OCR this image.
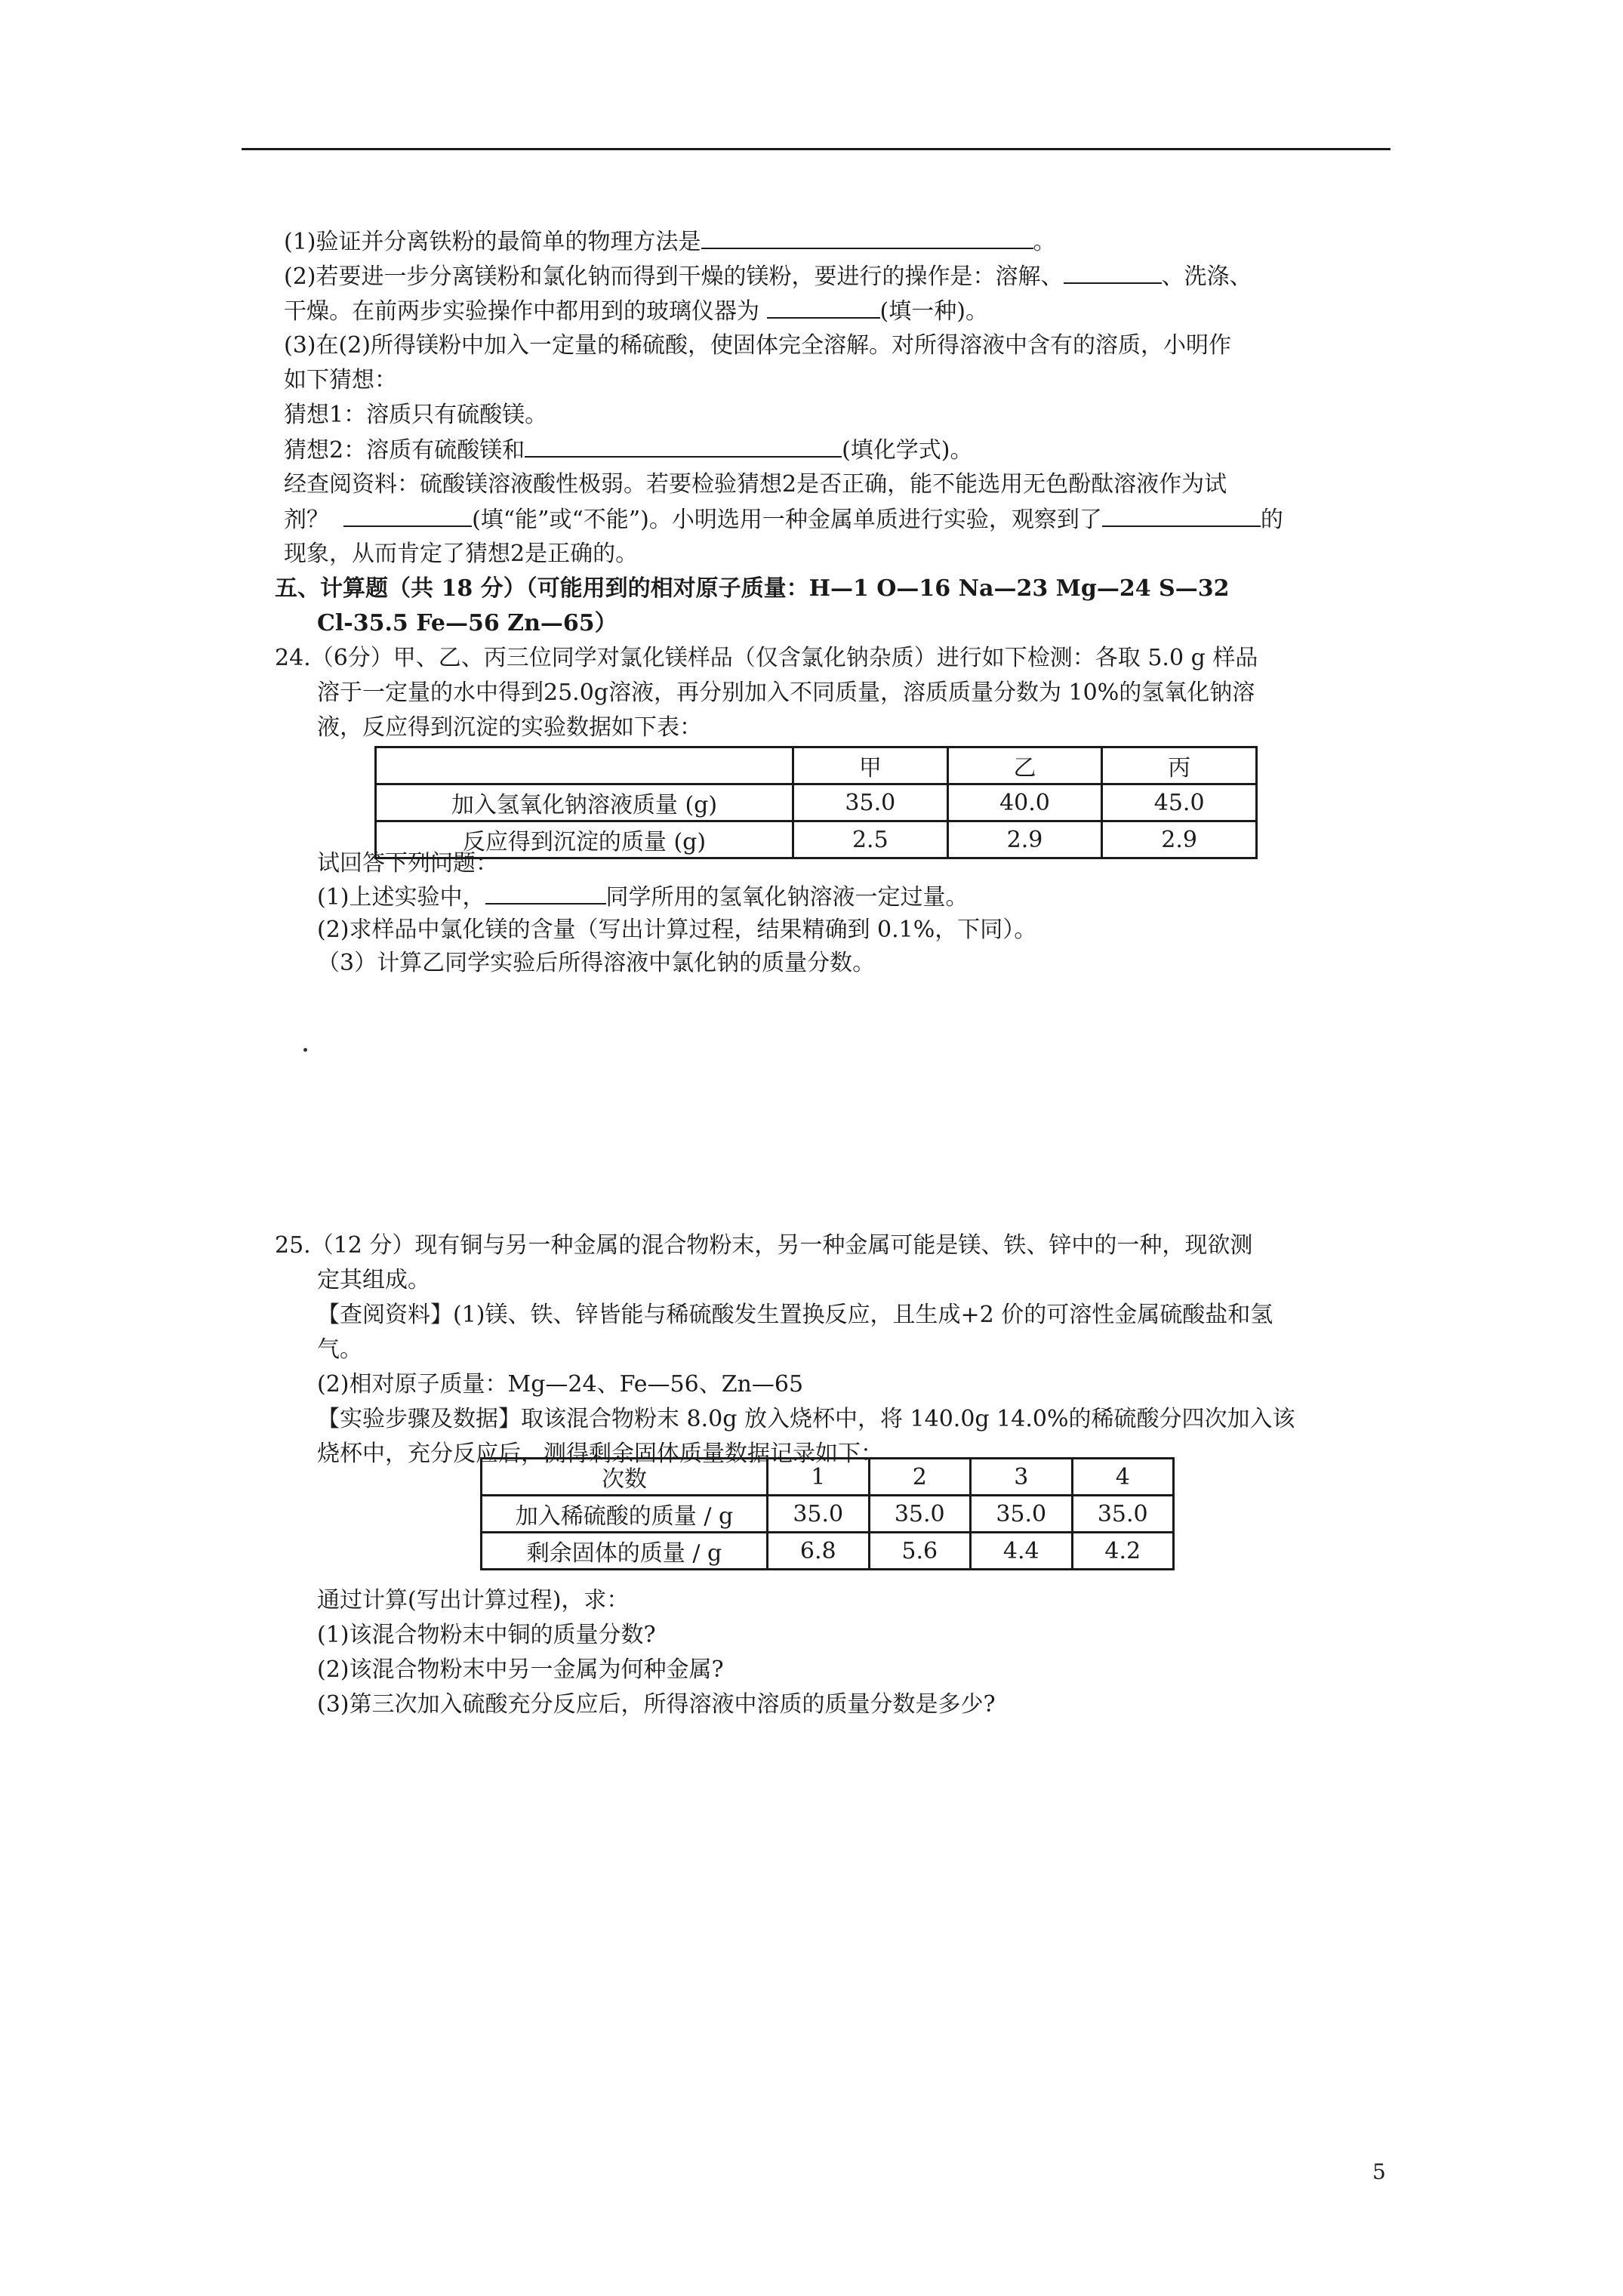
(1)验证并分离铁粉的最简单的物理方法是	。
(2)若要进一步分离镁粉和氯化钠而得到干燥的镁粉，要进行的操作是：溶解、	、洗涤、
干燥。在前两步实验操作中都用到的玻璃仪器为	(填一种)。
(3)在(2)所得镁粉中加入一定量的稀硫酸，使固体完全溶解。对所得溶液中含有的溶质，小明作
如下猜想：
猜想1：溶质只有硫酸镁。
猜想2：溶质有硫酸镁和	(填化学式)。
经查阅资料：硫酸镁溶液酸性极弱。若要检验猜想2是否正确，能不能选用无色酚酞溶液作为试
剂？	(填“能”或“不能”)。小明选用一种金属单质进行实验，观察到了	的
现象，从而肯定了猜想2是正确的。
五、计算题（共 18 分）（可能用到的相对原子质量：H—1 O—16 Na—23 Mg—24 S—32
Cl-35.5 Fe—56 Zn—65）
24.（6分）甲、乙、丙三位同学对氯化镁样品（仅含氯化钠杂质）进行如下检测：各取 5.0 g 样品
溶于一定量的水中得到25.0g溶液，再分别加入不同质量，溶质质量分数为 10%的氢氧化钠溶
液，反应得到沉淀的实验数据如下表：
	甲	乙	丙
加入氢氧化钠溶液质量 (g)	35.0	40.0	45.0
反应得到沉淀的质量 (g)	2.5	2.9	2.9
试回答下列问题：
(1)上述实验中，	同学所用的氢氧化钠溶液一定过量。
(2)求样品中氯化镁的含量（写出计算过程，结果精确到 0.1%，下同）。
（3）计算乙同学实验后所得溶液中氯化钠的质量分数。
25.（12 分）现有铜与另一种金属的混合物粉末，另一种金属可能是镁、铁、锌中的一种，现欲测
定其组成。
【查阅资料】(1)镁、铁、锌皆能与稀硫酸发生置换反应，且生成+2 价的可溶性金属硫酸盐和氢
气。
(2)相对原子质量：Mg—24、Fe—56、Zn—65
【实验步骤及数据】取该混合物粉末 8.0g 放入烧杯中，将 140.0g 14.0%的稀硫酸分四次加入该
烧杯中，充分反应后，测得剩余固体质量数据记录如下：
次数	1	2	3	4
加入稀硫酸的质量 / g	35.0	35.0	35.0	35.0
剩余固体的质量 / g	6.8	5.6	4.4	4.2
通过计算(写出计算过程)，求：
(1)该混合物粉末中铜的质量分数?
(2)该混合物粉末中另一金属为何种金属?
(3)第三次加入硫酸充分反应后，所得溶液中溶质的质量分数是多少?
5
